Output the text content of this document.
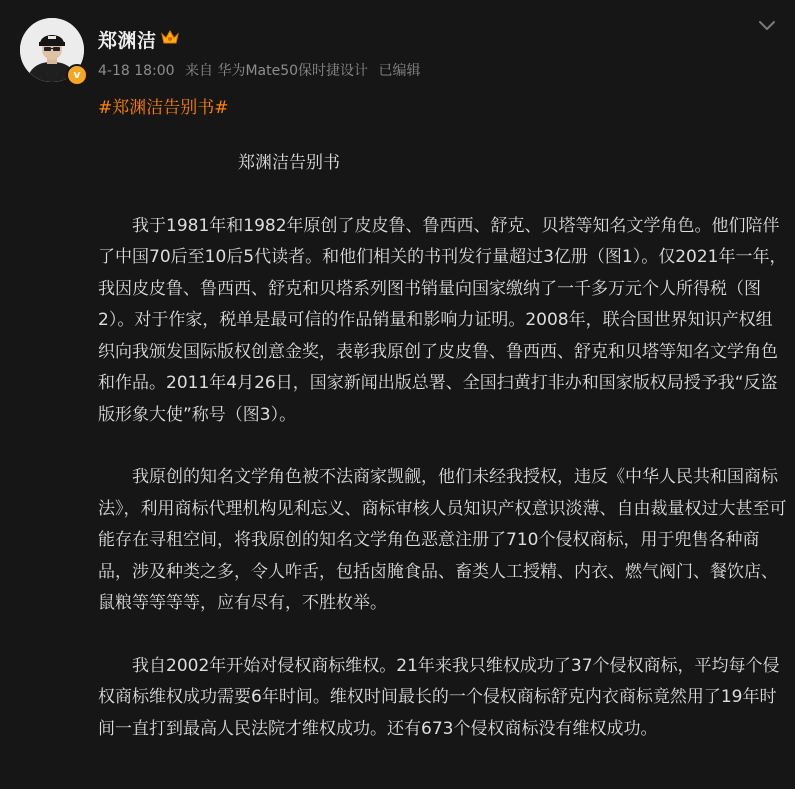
v
郑渊洁
4-18 18:00 来自 华为Mate50保时捷设计 已编辑
#郑渊洁告别书#
郑渊洁告别书

我于1981年和1982年原创了皮皮鲁、鲁西西、舒克、贝塔等知名文学角色。他们陪伴了中国70后至10后5代读者。和他们相关的书刊发行量超过3亿册（图1）。仅2021年一年，我因皮皮鲁、鲁西西、舒克和贝塔系列图书销量向国家缴纳了一千多万元个人所得税（图2）。对于作家，税单是最可信的作品销量和影响力证明。2008年，联合国世界知识产权组织向我颁发国际版权创意金奖，表彰我原创了皮皮鲁、鲁西西、舒克和贝塔等知名文学角色和作品。2011年4月26日，国家新闻出版总署、全国扫黄打非办和国家版权局授予我“反盗版形象大使”称号（图3）。

我原创的知名文学角色被不法商家觊觎，他们未经我授权，违反《中华人民共和国商标法》，利用商标代理机构见利忘义、商标审核人员知识产权意识淡薄、自由裁量权过大甚至可能存在寻租空间，将我原创的知名文学角色恶意注册了710个侵权商标，用于兜售各种商品，涉及种类之多，令人咋舌，包括卤腌食品、畜类人工授精、内衣、燃气阀门、餐饮店、鼠粮等等等等，应有尽有，不胜枚举。

我自2002年开始对侵权商标维权。21年来我只维权成功了37个侵权商标，平均每个侵权商标维权成功需要6年时间。维权时间最长的一个侵权商标舒克内衣商标竟然用了19年时间一直打到最高人民法院才维权成功。还有673个侵权商标没有维权成功。
